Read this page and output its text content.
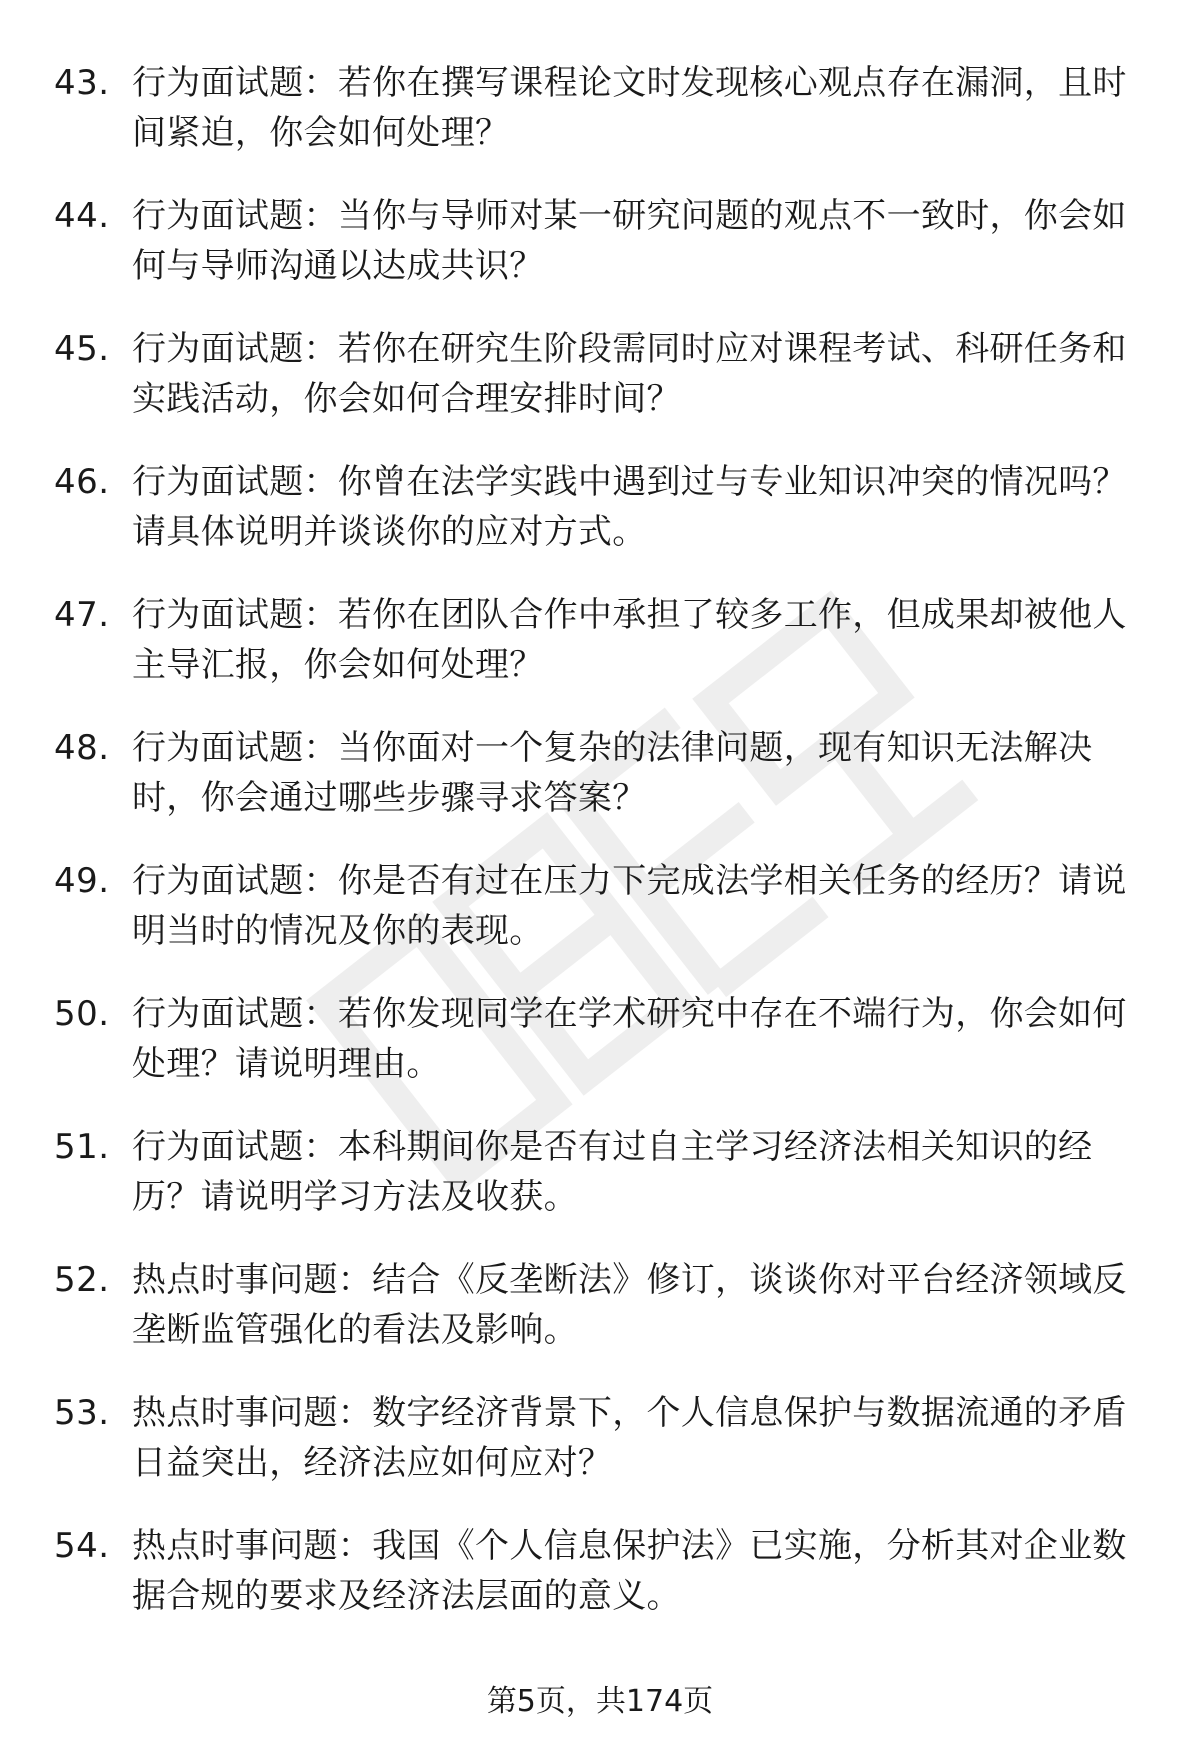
43. 行为面试题：若你在撰写课程论文时发现核心观点存在漏洞，且时间紧迫，你会如何处理？
44. 行为面试题：当你与导师对某一研究问题的观点不一致时，你会如何与导师沟通以达成共识？
45. 行为面试题：若你在研究生阶段需同时应对课程考试、科研任务和实践活动，你会如何合理安排时间？
46. 行为面试题：你曾在法学实践中遇到过与专业知识冲突的情况吗？请具体说明并谈谈你的应对方式。
47. 行为面试题：若你在团队合作中承担了较多工作，但成果却被他人主导汇报，你会如何处理？
48. 行为面试题：当你面对一个复杂的法律问题，现有知识无法解决时，你会通过哪些步骤寻求答案？
49. 行为面试题：你是否有过在压力下完成法学相关任务的经历？请说明当时的情况及你的表现。
50. 行为面试题：若你发现同学在学术研究中存在不端行为，你会如何处理？请说明理由。
51. 行为面试题：本科期间你是否有过自主学习经济法相关知识的经历？请说明学习方法及收获。
52. 热点时事问题：结合《反垄断法》修订，谈谈你对平台经济领域反垄断监管强化的看法及影响。
53. 热点时事问题：数字经济背景下，个人信息保护与数据流通的矛盾日益突出，经济法应如何应对？
54. 热点时事问题：我国《个人信息保护法》已实施，分析其对企业数据合规的要求及经济法层面的意义。
第5页，共174页
